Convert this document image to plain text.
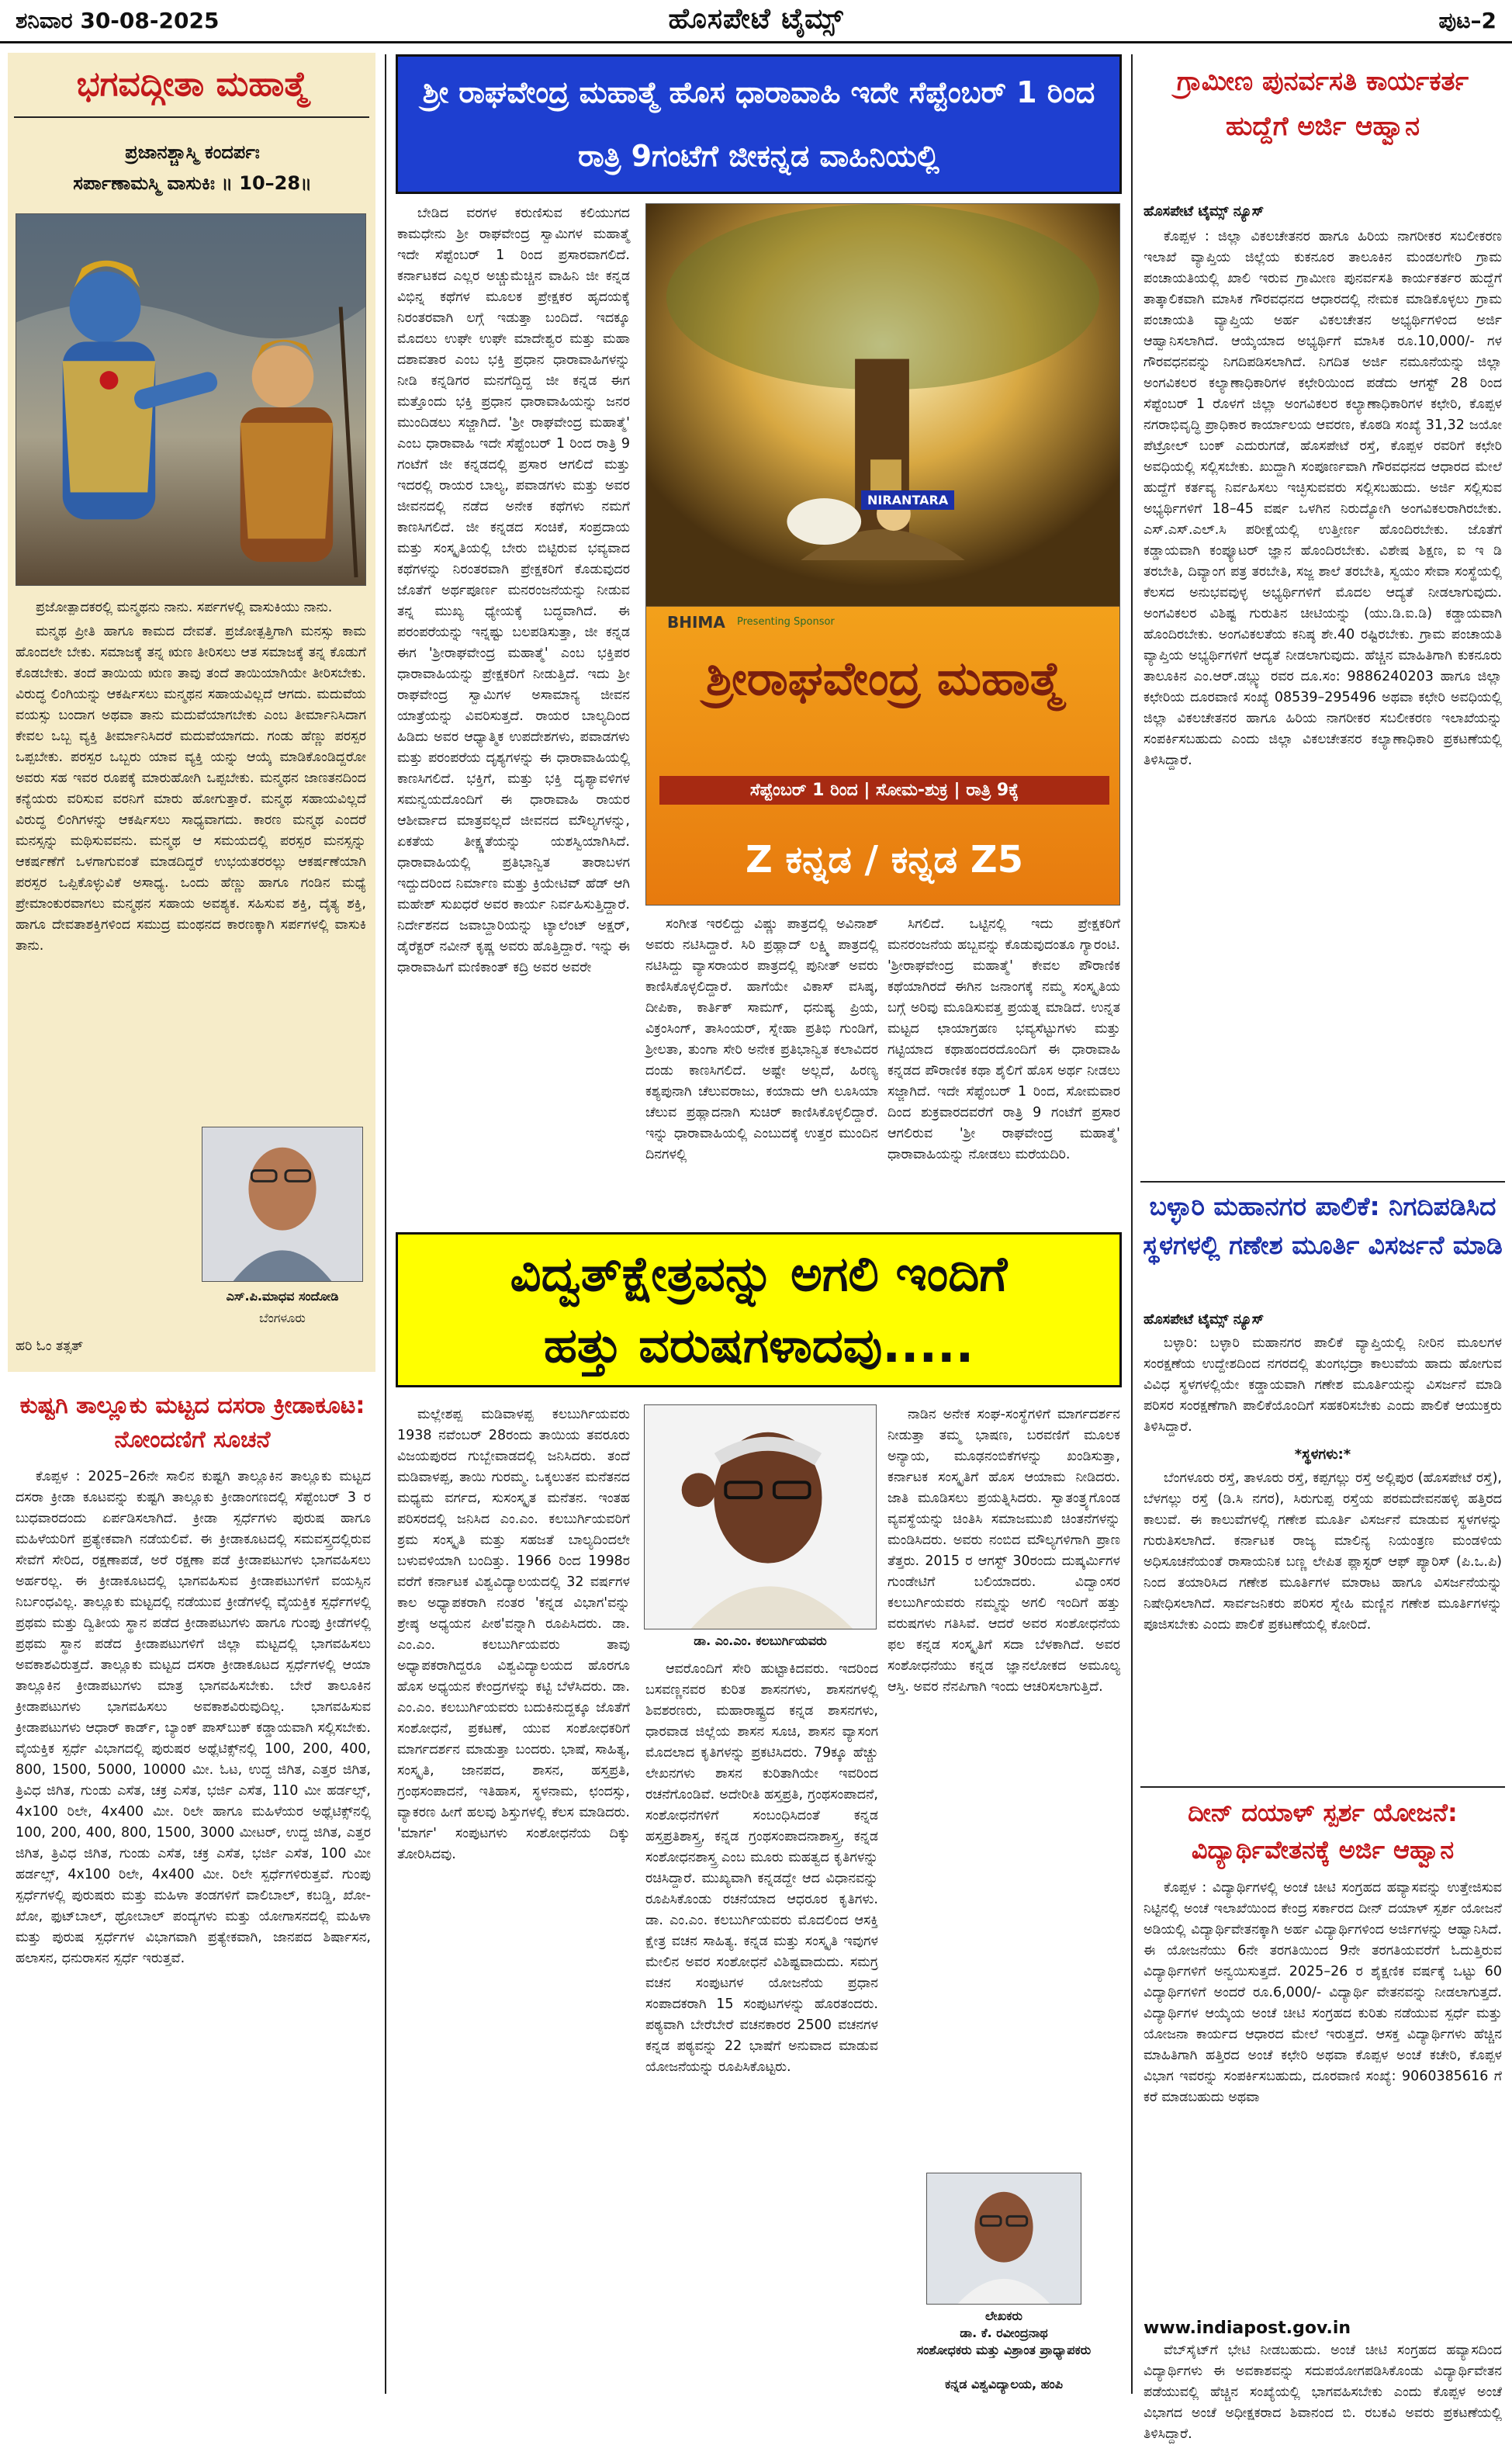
ಶನಿವಾರ 30-08-2025	ಹೊಸಪೇಟೆ ಟೈಮ್ಸ್	ಪುಟ–2
ಭಗವದ್ಗೀತಾ ಮಹಾತ್ಮೆ
ಪ್ರಜಾನಶ್ಚಾಸ್ಮಿ ಕಂದರ್ಪಃ
ಸರ್ಪಾಣಾಮಸ್ಮಿ ವಾಸುಕಿಃ ॥ 10–28॥

ಪ್ರಜೋತ್ಪಾದಕರಲ್ಲಿ ಮನ್ಮಥನು ನಾನು. ಸರ್ಪಗಳಲ್ಲಿ ವಾಸುಕಿಯು ನಾನು.

ಮನ್ಮಥ ಪ್ರೀತಿ ಹಾಗೂ ಕಾಮದ ದೇವತೆ. ಪ್ರಜೋತ್ಪತ್ತಿಗಾಗಿ ಮನಸ್ಸು ಕಾಮ ಹೊಂದಲೇ ಬೇಕು. ಸಮಾಜಕ್ಕೆ ತನ್ನ ಋಣ ತೀರಿಸಲು ಆತ ಸಮಾಜಕ್ಕೆ ತನ್ನ ಕೊಡುಗೆ ಕೊಡಬೇಕು. ತಂದೆ ತಾಯಿಯ ಋಣ ತಾವು ತಂದೆ ತಾಯಿಯಾಗಿಯೇ ತೀರಿಸಬೇಕು. ವಿರುದ್ಧ ಲಿಂಗಿಯನ್ನು ಆಕರ್ಷಿಸಲು ಮನ್ಮಥನ ಸಹಾಯವಿಲ್ಲದೆ ಆಗದು. ಮದುವೆಯ ವಯಸ್ಸು ಬಂದಾಗ ಅಥವಾ ತಾನು ಮದುವೆಯಾಗಬೇಕು ಎಂಬ ತೀರ್ಮಾನಿಸಿದಾಗ ಕೇವಲ ಒಬ್ಬ ವ್ಯಕ್ತಿ ತೀರ್ಮಾನಿಸಿದರೆ ಮದುವೆಯಾಗದು. ಗಂಡು ಹೆಣ್ಣು ಪರಸ್ಪರ ಒಪ್ಪಬೇಕು. ಪರಸ್ಪರ ಒಬ್ಬರು ಯಾವ ವ್ಯಕ್ತಿ ಯನ್ನು ಆಯ್ಕೆ ಮಾಡಿಕೊಂಡಿದ್ದರೋ ಅವರು ಸಹ ಇವರ ರೂಪಕ್ಕೆ ಮಾರುಹೋಗಿ ಒಪ್ಪಬೇಕು. ಮನ್ಮಥನ ಜಾಣತನದಿಂದ ಕನ್ಯೆಯರು ವರಿಸುವ ವರನಿಗೆ ಮಾರು ಹೋಗುತ್ತಾರೆ. ಮನ್ಮಥ ಸಹಾಯವಿಲ್ಲದೆ ವಿರುದ್ಧ ಲಿಂಗಿಗಳನ್ನು ಆಕರ್ಷಿಸಲು ಸಾಧ್ಯವಾಗದು. ಕಾರಣ ಮನ್ಮಥ ಎಂದರೆ ಮನಸ್ಸನ್ನು ಮಥಿಸುವವನು. ಮನ್ಮಥ ಆ ಸಮಯದಲ್ಲಿ ಪರಸ್ಪರ ಮನಸ್ಸನ್ನು ಆಕರ್ಷಣೆಗೆ ಒಳಗಾಗುವಂತೆ ಮಾಡದಿದ್ದರೆ ಉಭಯತರರಲ್ಲು ಆಕರ್ಷಣೆಯಾಗಿ ಪರಸ್ಪರ ಒಪ್ಪಿಕೊಳ್ಳುವಿಕೆ ಅಸಾಧ್ಯ. ಒಂದು ಹೆಣ್ಣು ಹಾಗೂ ಗಂಡಿನ ಮಧ್ಯೆ ಪ್ರೇಮಾಂಕುರವಾಗಲು ಮನ್ಮಥನ ಸಹಾಯ ಅವಶ್ಯಕ. ಸಹಿಸುವ ಶಕ್ತಿ, ದೈತ್ಯ ಶಕ್ತಿ, ಹಾಗೂ ದೇವತಾಶಕ್ತಿಗಳಿಂದ ಸಮುದ್ರ ಮಂಥನದ ಕಾರಣಕ್ಕಾಗಿ ಸರ್ಪಗಳಲ್ಲಿ ವಾಸುಕಿ ತಾನು.

ಎಸ್.ಪಿ.ಮಾಧವ ಸಂದೋಡಿ
ಬೆಂಗಳೂರು
ಹರಿ ಓಂ ತತ್ಸತ್
ಕುಷ್ಟಗಿ ತಾಲ್ಲೂಕು ಮಟ್ಟದ ದಸರಾ ಕ್ರೀಡಾಕೂಟ: ನೋಂದಣಿಗೆ ಸೂಚನೆ

ಕೊಪ್ಪಳ : 2025–26ನೇ ಸಾಲಿನ ಕುಷ್ಟಗಿ ತಾಲ್ಲೂಕಿನ ತಾಲ್ಲೂಕು ಮಟ್ಟದ ದಸರಾ ಕ್ರೀಡಾ ಕೂಟವನ್ನು ಕುಷ್ಟಗಿ ತಾಲ್ಲೂಕು ಕ್ರೀಡಾಂಗಣದಲ್ಲಿ ಸೆಪ್ಟೆಂಬರ್ 3 ರ ಬುಧವಾರದಂದು ಏರ್ಪಡಿಸಲಾಗಿದೆ. ಕ್ರೀಡಾ ಸ್ಪರ್ಧೆಗಳು ಪುರುಷ ಹಾಗೂ ಮಹಿಳೆಯರಿಗೆ ಪ್ರತ್ಯೇಕವಾಗಿ ನಡೆಯಲಿವೆ. ಈ ಕ್ರೀಡಾಕೂಟದಲ್ಲಿ ಸಮವಸ್ತ್ರದಲ್ಲಿರುವ ಸೇವೆಗೆ ಸೇರಿದ, ರಕ್ಷಣಾಪಡೆ, ಅರೆ ರಕ್ಷಣಾ ಪಡೆ ಕ್ರೀಡಾಪಟುಗಳು ಭಾಗವಹಿಸಲು ಅರ್ಹರಲ್ಲ. ಈ ಕ್ರೀಡಾಕೂಟದಲ್ಲಿ ಭಾಗವಹಿಸುವ ಕ್ರೀಡಾಪಟುಗಳಿಗೆ ವಯಸ್ಸಿನ ನಿರ್ಬಂಧವಿಲ್ಲ. ತಾಲ್ಲೂಕು ಮಟ್ಟದಲ್ಲಿ ನಡೆಯುವ ಕ್ರೀಡೆಗಳಲ್ಲಿ ವೈಯಕ್ತಿಕ ಸ್ಪರ್ಧೆಗಳಲ್ಲಿ ಪ್ರಥಮ ಮತ್ತು ದ್ವಿತೀಯ ಸ್ಥಾನ ಪಡೆದ ಕ್ರೀಡಾಪಟುಗಳು ಹಾಗೂ ಗುಂಪು ಕ್ರೀಡೆಗಳಲ್ಲಿ ಪ್ರಥಮ ಸ್ಥಾನ ಪಡೆದ ಕ್ರೀಡಾಪಟುಗಳಿಗೆ ಜಿಲ್ಲಾ ಮಟ್ಟದಲ್ಲಿ ಭಾಗವಹಿಸಲು ಅವಕಾಶವಿರುತ್ತದೆ. ತಾಲ್ಲೂಕು ಮಟ್ಟದ ದಸರಾ ಕ್ರೀಡಾಕೂಟದ ಸ್ಪರ್ಧೆಗಳಲ್ಲಿ ಆಯಾ ತಾಲ್ಲೂಕಿನ ಕ್ರೀಡಾಪಟುಗಳು ಮಾತ್ರ ಭಾಗವಹಿಸಬೇಕು. ಬೇರೆ ತಾಲೂಕಿನ ಕ್ರೀಡಾಪಟುಗಳು ಭಾಗವಹಿಸಲು ಅವಕಾಶವಿರುವುದಿಲ್ಲ. ಭಾಗವಹಿಸುವ ಕ್ರೀಡಾಪಟುಗಳು ಆಧಾರ್ ಕಾರ್ಡ್, ಬ್ಯಾಂಕ್ ಪಾಸ್‌ಬುಕ್ ಕಡ್ಡಾಯವಾಗಿ ಸಲ್ಲಿಸಬೇಕು. ವೈಯಕ್ತಿಕ ಸ್ಪರ್ಧೆ ವಿಭಾಗದಲ್ಲಿ ಪುರುಷರ ಅಥ್ಲೆಟಿಕ್ಸ್‌ನಲ್ಲಿ 100, 200, 400, 800, 1500, 5000, 10000 ಮೀ. ಓಟ, ಉದ್ದ ಜಿಗಿತ, ಎತ್ತರ ಜಿಗಿತ, ತ್ರಿವಿಧ ಜಿಗಿತ, ಗುಂಡು ಎಸೆತ, ಚಕ್ರ ಎಸೆತ, ಭರ್ಜಿ ಎಸೆತ, 110 ಮೀ ಹರ್ಡಲ್ಸ್, 4x100 ರಿಲೇ, 4x400 ಮೀ. ರಿಲೇ ಹಾಗೂ ಮಹಿಳೆಯರ ಅಥ್ಲೆಟಿಕ್ಸ್‌ನಲ್ಲಿ 100, 200, 400, 800, 1500, 3000 ಮೀಟರ್, ಉದ್ದ ಜಿಗಿತ, ಎತ್ತರ ಜಿಗಿತ, ತ್ರಿವಿಧ ಜಿಗಿತ, ಗುಂಡು ಎಸೆತ, ಚಕ್ರ ಎಸೆತ, ಭರ್ಜಿ ಎಸೆತ, 100 ಮೀ ಹರ್ಡಲ್ಸ್, 4x100 ರಿಲೇ, 4x400 ಮೀ. ರಿಲೇ ಸ್ಪರ್ಧೆಗಳಿರುತ್ತವೆ. ಗುಂಪು ಸ್ಪರ್ಧೆಗಳಲ್ಲಿ ಪುರುಷರು ಮತ್ತು ಮಹಿಳಾ ತಂಡಗಳಿಗೆ ವಾಲಿಬಾಲ್, ಕಬಡ್ಡಿ, ಖೋ-ಖೋ, ಫುಟ್‌ಬಾಲ್, ಥ್ರೋಬಾಲ್ ಪಂದ್ಯಗಳು ಮತ್ತು ಯೋಗಾಸನದಲ್ಲಿ ಮಹಿಳಾ ಮತ್ತು ಪುರುಷ ಸ್ಪರ್ಧೆಗಳ ವಿಭಾಗವಾಗಿ ಪ್ರತ್ಯೇಕವಾಗಿ, ಜಾನಪದ ಶಿರ್ಷಾಸನ, ಹಲಾಸನ, ಧನುರಾಸನ ಸ್ಪರ್ಧೆ ಇರುತ್ತವೆ.

ಶ್ರೀ ರಾಘವೇಂದ್ರ ಮಹಾತ್ಮೆ ಹೊಸ ಧಾರಾವಾಹಿ ಇದೇ ಸೆಪ್ಟೆಂಬರ್ 1 ರಿಂದ ರಾತ್ರಿ 9ಗಂಟೆಗೆ ಜೀಕನ್ನಡ ವಾಹಿನಿಯಲ್ಲಿ

ಬೇಡಿದ ವರಗಳ ಕರುಣಿಸುವ ಕಲಿಯುಗದ ಕಾಮಧೇನು ಶ್ರೀ ರಾಘವೇಂದ್ರ ಸ್ವಾಮಿಗಳ ಮಹಾತ್ಮೆ ಇದೇ ಸೆಪ್ಟೆಂಬರ್ 1 ರಿಂದ ಪ್ರಸಾರವಾಗಲಿದೆ. ಕರ್ನಾಟಕದ ಎಲ್ಲರ ಅಚ್ಚುಮೆಚ್ಚಿನ ವಾಹಿನಿ ಜೀ ಕನ್ನಡ ವಿಭಿನ್ನ ಕಥೆಗಳ ಮೂಲಕ ಪ್ರೇಕ್ಷಕರ ಹೃದಯಕ್ಕೆ ನಿರಂತರವಾಗಿ ಲಗ್ಗೆ ಇಡುತ್ತಾ ಬಂದಿದೆ. ಇದಕ್ಕೂ ಮೊದಲು ಉಘೇ ಉಘೇ ಮಾದೇಶ್ವರ ಮತ್ತು ಮಹಾ ದಶಾವತಾರ ಎಂಬ ಭಕ್ತಿ ಪ್ರಧಾನ ಧಾರಾವಾಹಿಗಳನ್ನು ನೀಡಿ ಕನ್ನಡಿಗರ ಮನಗೆದ್ದಿದ್ದ ಜೀ ಕನ್ನಡ ಈಗ ಮತ್ತೊಂದು ಭಕ್ತಿ ಪ್ರಧಾನ ಧಾರಾವಾಹಿಯನ್ನು ಜನರ ಮುಂದಿಡಲು ಸಜ್ಜಾಗಿದೆ. 'ಶ್ರೀ ರಾಘವೇಂದ್ರ ಮಹಾತ್ಮೆ' ಎಂಬ ಧಾರಾವಾಹಿ ಇದೇ ಸೆಪ್ಟೆಂಬರ್ 1 ರಿಂದ ರಾತ್ರಿ 9 ಗಂಟೆಗೆ ಜೀ ಕನ್ನಡದಲ್ಲಿ ಪ್ರಸಾರ ಆಗಲಿದೆ ಮತ್ತು ಇದರಲ್ಲಿ ರಾಯರ ಬಾಲ್ಯ, ಪವಾಡಗಳು ಮತ್ತು ಅವರ ಜೀವನದಲ್ಲಿ ನಡೆದ ಅನೇಕ ಕಥೆಗಳು ನಮಗೆ ಕಾಣಸಿಗಲಿದೆ. ಜೀ ಕನ್ನಡದ ಸಂಚಿಕೆ, ಸಂಪ್ರದಾಯ ಮತ್ತು ಸಂಸ್ಕೃತಿಯಲ್ಲಿ ಬೇರು ಬಿಟ್ಟಿರುವ ಭವ್ಯವಾದ ಕಥೆಗಳನ್ನು ನಿರಂತರವಾಗಿ ಪ್ರೇಕ್ಷಕರಿಗೆ ಕೊಡುವುದರ ಜೊತೆಗೆ ಅರ್ಥಪೂರ್ಣ ಮನರಂಜನೆಯನ್ನು ನೀಡುವ ತನ್ನ ಮುಖ್ಯ ಧ್ಯೇಯಕ್ಕೆ ಬದ್ಧವಾಗಿದೆ. ಈ ಪರಂಪರೆಯನ್ನು ಇನ್ನಷ್ಟು ಬಲಪಡಿಸುತ್ತಾ, ಜೀ ಕನ್ನಡ ಈಗ 'ಶ್ರೀರಾಘವೇಂದ್ರ ಮಹಾತ್ಮೆ' ಎಂಬ ಭಕ್ತಿಪರ ಧಾರಾವಾಹಿಯನ್ನು ಪ್ರೇಕ್ಷಕರಿಗೆ ನೀಡುತ್ತಿದೆ. ಇದು ಶ್ರೀ ರಾಘವೇಂದ್ರ ಸ್ವಾಮಿಗಳ ಅಸಾಮಾನ್ಯ ಜೀವನ ಯಾತ್ರೆಯನ್ನು ವಿವರಿಸುತ್ತದೆ. ರಾಯರ ಬಾಲ್ಯದಿಂದ ಹಿಡಿದು ಅವರ ಆಧ್ಯಾತ್ಮಿಕ ಉಪದೇಶಗಳು, ಪವಾಡಗಳು ಮತ್ತು ಪರಂಪರೆಯ ದೃಶ್ಯಗಳನ್ನು ಈ ಧಾರಾವಾಹಿಯಲ್ಲಿ ಕಾಣಸಿಗಲಿದೆ. ಭಕ್ತಿಗೆ, ಮತ್ತು ಭಕ್ತಿ ದೃಶ್ಯಾವಳಿಗಳ ಸಮನ್ವಯದೊಂದಿಗೆ ಈ ಧಾರಾವಾಹಿ ರಾಯರ ಆಶೀರ್ವಾದ ಮಾತ್ರವಲ್ಲದೆ ಜೀವನದ ಮೌಲ್ಯಗಳನ್ನು, ಏಕತೆಯ ತೀಕ್ಷ್ಣತೆಯನ್ನು ಯಶಸ್ವಿಯಾಗಿಸಿದೆ. ಧಾರಾವಾಹಿಯಲ್ಲಿ ಪ್ರತಿಭಾನ್ವಿತ ತಾರಾಬಳಗ ಇದ್ದುದರಿಂದ ನಿರ್ಮಾಣ ಮತ್ತು ಕ್ರಿಯೇಟಿವ್ ಹೆಡ್ ಆಗಿ ಮಹೇಶ್ ಸುಖಧರೆ ಅವರ ಕಾರ್ಯ ನಿರ್ವಹಿಸುತ್ತಿದ್ದಾರೆ. ನಿರ್ದೇಶನದ ಜವಾಬ್ದಾರಿಯನ್ನು ಟ್ಯಾಲೆಂಟ್ ಅಕ್ಷರ್, ಡೈರೆಕ್ಟರ್ ನವೀನ್ ಕೃಷ್ಣ ಅವರು ಹೊತ್ತಿದ್ದಾರೆ. ಇನ್ನು ಈ ಧಾರಾವಾಹಿಗೆ ಮಣಿಕಾಂತ್ ಕದ್ರಿ ಅವರ ಅವರೇ

BHIMA Presenting Sponsor
NIRANTARA
ಶ್ರೀರಾಘವೇಂದ್ರ ಮಹಾತ್ಮೆ
ಸೆಪ್ಟೆಂಬರ್ 1 ರಿಂದ | ಸೋಮ-ಶುಕ್ರ | ರಾತ್ರಿ 9ಕ್ಕೆ
Z ಕನ್ನಡ / ಕನ್ನಡ Z5

ಸಂಗೀತ ಇರಲಿದ್ದು ವಿಷ್ಣು ಪಾತ್ರದಲ್ಲಿ ಅವಿನಾಶ್ ಅವರು ನಟಿಸಿದ್ದಾರೆ. ಸಿರಿ ಪ್ರಹ್ಲಾದ್ ಲಕ್ಷ್ಮಿ ಪಾತ್ರದಲ್ಲಿ ನಟಿಸಿದ್ದು ವ್ಯಾಸರಾಯರ ಪಾತ್ರದಲ್ಲಿ ಪುನೀತ್ ಅವರು ಕಾಣಿಸಿಕೊಳ್ಳಲಿದ್ದಾರೆ. ಹಾಗೆಯೇ ವಿಕಾಸ್ ವಸಿಷ್ಠ, ದೀಪಿಕಾ, ಕಾರ್ತಿಕ್ ಸಾಮಗ್, ಧನುಷ್ಯ ಪ್ರಿಯ, ವಿಕ್ರಂಸಿಂಗ್, ತಾಸಿಂಯರ್, ಸ್ನೇಹಾ ಪ್ರತಿಭಿ ಗುಂಡಿಗೆ, ಶ್ರೀಲತಾ, ತುಂಗಾ ಸೇರಿ ಅನೇಕ ಪ್ರತಿಭಾನ್ವಿತ ಕಲಾವಿದರ ದಂಡು ಕಾಣಸಿಗಲಿದೆ. ಅಷ್ಟೇ ಅಲ್ಲದೆ, ಹಿರಣ್ಯ ಕಶ್ಯಪುನಾಗಿ ಚೆಲುವರಾಜು, ಕಯಾದು ಆಗಿ ಲೂಸಿಯಾ ಚೆಲುವ ಪ್ರಹ್ಲಾದನಾಗಿ ಸುಚಿರ್ ಕಾಣಿಸಿಕೊಳ್ಳಲಿದ್ದಾರೆ. ಇನ್ನು ಧಾರಾವಾಹಿಯಲ್ಲಿ ಎಂಬುದಕ್ಕೆ ಉತ್ತರ ಮುಂದಿನ ದಿನಗಳಲ್ಲಿ

ಸಿಗಲಿದೆ. ಒಟ್ಟಿನಲ್ಲಿ ಇದು ಪ್ರೇಕ್ಷಕರಿಗೆ ಮನರಂಜನೆಯ ಹಬ್ಬವನ್ನು ಕೊಡುವುದಂತೂ ಗ್ಯಾರಂಟಿ. 'ಶ್ರೀರಾಘವೇಂದ್ರ ಮಹಾತ್ಮೆ' ಕೇವಲ ಪೌರಾಣಿಕ ಕಥೆಯಾಗಿರದೆ ಈಗಿನ ಜನಾಂಗಕ್ಕೆ ನಮ್ಮ ಸಂಸ್ಕೃತಿಯ ಬಗ್ಗೆ ಅರಿವು ಮೂಡಿಸುವತ್ತ ಪ್ರಯತ್ನ ಮಾಡಿದೆ. ಉನ್ನತ ಮಟ್ಟದ ಛಾಯಾಗ್ರಹಣ ಭವ್ಯಸೆಟ್ಟುಗಳು ಮತ್ತು ಗಟ್ಟಿಯಾದ ಕಥಾಹಂದರದೊಂದಿಗೆ ಈ ಧಾರಾವಾಹಿ ಕನ್ನಡದ ಪೌರಾಣಿಕ ಕಥಾ ಶೈಲಿಗೆ ಹೊಸ ಅರ್ಥ ನೀಡಲು ಸಜ್ಜಾಗಿದೆ. ಇದೇ ಸೆಪ್ಟೆಂಬರ್ 1 ರಿಂದ, ಸೋಮವಾರ ದಿಂದ ಶುಕ್ರವಾರದವರೆಗೆ ರಾತ್ರಿ 9 ಗಂಟೆಗೆ ಪ್ರಸಾರ ಆಗಲಿರುವ 'ಶ್ರೀ ರಾಘವೇಂದ್ರ ಮಹಾತ್ಮೆ' ಧಾರಾವಾಹಿಯನ್ನು ನೋಡಲು ಮರೆಯದಿರಿ.

ವಿದ್ವತ್‌ಕ್ಷೇತ್ರವನ್ನು ಅಗಲಿ ಇಂದಿಗೆ
ಹತ್ತು ವರುಷಗಳಾದವು.....

ಮಲ್ಲೇಶಪ್ಪ ಮಡಿವಾಳಪ್ಪ ಕಲಬುರ್ಗಿಯವರು 1938 ನವೆಂಬರ್ 28ರಂದು ತಾಯಿಯ ತವರೂರು ವಿಜಯಪುರದ ಗುಬ್ಬೇವಾಡದಲ್ಲಿ ಜನಿಸಿದರು. ತಂದೆ ಮಡಿವಾಳಪ್ಪ, ತಾಯಿ ಗುರಮ್ಮ. ಒಕ್ಕಲುತನ ಮನೆತನದ ಮಧ್ಯಮ ವರ್ಗದ, ಸುಸಂಸ್ಕೃತ ಮನೆತನ. ಇಂತಹ ಪರಿಸರದಲ್ಲಿ ಜನಿಸಿದ ಎಂ.ಎಂ. ಕಲಬುರ್ಗಿಯವರಿಗೆ ಶ್ರಮ ಸಂಸ್ಕೃತಿ ಮತ್ತು ಸಹಜತೆ ಬಾಲ್ಯದಿಂದಲೇ ಬಳುವಳಿಯಾಗಿ ಬಂದಿತ್ತು. 1966 ರಿಂದ 1998ರ ವರೆಗೆ ಕರ್ನಾಟಕ ವಿಶ್ವವಿದ್ಯಾಲಯದಲ್ಲಿ 32 ವರ್ಷಗಳ ಕಾಲ ಅಧ್ಯಾಪಕರಾಗಿ ನಂತರ 'ಕನ್ನಡ ವಿಭಾಗ'ವನ್ನು ಶ್ರೇಷ್ಠ ಅಧ್ಯಯನ ಪೀಠ'ವನ್ನಾಗಿ ರೂಪಿಸಿದರು. ಡಾ. ಎಂ.ಎಂ. ಕಲಬುರ್ಗಿಯವರು ತಾವು ಅಧ್ಯಾಪಕರಾಗಿದ್ದರೂ ವಿಶ್ವವಿದ್ಯಾಲಯದ ಹೊರಗೂ ಹೊಸ ಅಧ್ಯಯನ ಕೇಂದ್ರಗಳನ್ನು ಕಟ್ಟಿ ಬೆಳೆಸಿದರು. ಡಾ. ಎಂ.ಎಂ. ಕಲಬುರ್ಗಿಯವರು ಬದುಕಿನುದ್ದಕ್ಕೂ ಜೊತೆಗೆ ಸಂಶೋಧನೆ, ಪ್ರಕಟಣೆ, ಯುವ ಸಂಶೋಧಕರಿಗೆ ಮಾರ್ಗದರ್ಶನ ಮಾಡುತ್ತಾ ಬಂದರು. ಭಾಷೆ, ಸಾಹಿತ್ಯ, ಸಂಸ್ಕೃತಿ, ಜಾನಪದ, ಶಾಸನ, ಹಸ್ತಪ್ರತಿ, ಗ್ರಂಥಸಂಪಾದನೆ, ಇತಿಹಾಸ, ಸ್ಥಳನಾಮ, ಛಂದಸ್ಸು, ವ್ಯಾಕರಣ ಹೀಗೆ ಹಲವು ಶಿಸ್ತುಗಳಲ್ಲಿ ಕೆಲಸ ಮಾಡಿದರು. 'ಮಾರ್ಗ' ಸಂಪುಟಗಳು ಸಂಶೋಧನೆಯ ದಿಕ್ಕು ತೋರಿಸಿದವು.

ಡಾ. ಎಂ.ಎಂ. ಕಲಬುರ್ಗಿಯವರು

ಆವರೊಂದಿಗೆ ಸೇರಿ ಹುಟ್ಟಾಕಿದವರು. ಇದರಿಂದ ಬಸವಣ್ಣನವರ ಕುರಿತ ಶಾಸನಗಳು, ಶಾಸನಗಳಲ್ಲಿ ಶಿವಶರಣರು, ಮಹಾರಾಷ್ಟ್ರದ ಕನ್ನಡ ಶಾಸನಗಳು, ಧಾರವಾಡ ಜಿಲ್ಲೆಯ ಶಾಸನ ಸೂಚಿ, ಶಾಸನ ವ್ಯಾಸಂಗ ಮೊದಲಾದ ಕೃತಿಗಳನ್ನು ಪ್ರಕಟಿಸಿದರು. 79ಕ್ಕೂ ಹೆಚ್ಚು ಲೇಖನಗಳು ಶಾಸನ ಕುರಿತಾಗಿಯೇ ಇವರಿಂದ ರಚನೆಗೊಂಡಿವೆ. ಅದೇರೀತಿ ಹಸ್ತಪ್ರತಿ, ಗ್ರಂಥಸಂಪಾದನೆ, ಸಂಶೋಧನೆಗಳಿಗೆ ಸಂಬಂಧಿಸಿದಂತೆ ಕನ್ನಡ ಹಸ್ತಪ್ರತಿಶಾಸ್ತ್ರ, ಕನ್ನಡ ಗ್ರಂಥಸಂಪಾದನಾಶಾಸ್ತ್ರ, ಕನ್ನಡ ಸಂಶೋಧನಶಾಸ್ತ್ರ ಎಂಬ ಮೂರು ಮಹತ್ವದ ಕೃತಿಗಳನ್ನು ರಚಿಸಿದ್ದಾರೆ. ಮುಖ್ಯವಾಗಿ ಕನ್ನಡದ್ದೇ ಆದ ವಿಧಾನವನ್ನು ರೂಪಿಸಿಕೊಂಡು ರಚನೆಯಾದ ಆಧರೂರ ಕೃತಿಗಳು. ಡಾ. ಎಂ.ಎಂ. ಕಲಬುರ್ಗಿಯವರು ಮೊದಲಿಂದ ಆಸಕ್ತಿ ಕ್ಷೇತ್ರ ವಚನ ಸಾಹಿತ್ಯ. ಕನ್ನಡ ಮತ್ತು ಸಂಸ್ಕೃತಿ ಇವುಗಳ ಮೇಲಿನ ಅವರ ಸಂಶೋಧನೆ ವಿಶಿಷ್ಟವಾದುದು. ಸಮಗ್ರ ವಚನ ಸಂಪುಟಗಳ ಯೋಜನೆಯ ಪ್ರಧಾನ ಸಂಪಾದಕರಾಗಿ 15 ಸಂಪುಟಗಳನ್ನು ಹೊರತಂದರು. ಪಠ್ಯವಾಗಿ ಬೇರೆಬೇರೆ ವಚನಕಾರರ 2500 ವಚನಗಳ ಕನ್ನಡ ಪಠ್ಯವನ್ನು 22 ಭಾಷೆಗೆ ಅನುವಾದ ಮಾಡುವ ಯೋಜನೆಯನ್ನು ರೂಪಿಸಿಕೊಟ್ಟರು.

ನಾಡಿನ ಅನೇಕ ಸಂಘ-ಸಂಸ್ಥೆಗಳಿಗೆ ಮಾರ್ಗದರ್ಶನ ನೀಡುತ್ತಾ ತಮ್ಮ ಭಾಷಣ, ಬರವಣಿಗೆ ಮೂಲಕ ಅನ್ಯಾಯ, ಮೂಢನಂಬಿಕೆಗಳನ್ನು ಖಂಡಿಸುತ್ತಾ, ಕರ್ನಾಟಕ ಸಂಸ್ಕೃತಿಗೆ ಹೊಸ ಆಯಾಮ ನೀಡಿದರು. ಜಾತಿ ಮೂಡಿಸಲು ಪ್ರಯತ್ನಿಸಿದರು. ಸ್ವಾತಂತ್ರ್ಯಗೊಂಡ ವ್ಯವಸ್ಥೆಯನ್ನು ಚಿಂತಿಸಿ ಸಮಾಜಮುಖಿ ಚಿಂತನೆಗಳನ್ನು ಮಂಡಿಸಿದರು. ಅವರು ನಂಬಿದ ಮೌಲ್ಯಗಳಿಗಾಗಿ ಪ್ರಾಣ ತೆತ್ತರು. 2015 ರ ಆಗಸ್ಟ್ 30ರಂದು ದುಷ್ಕರ್ಮಿಗಳ ಗುಂಡೇಟಿಗೆ ಬಲಿಯಾದರು. ವಿದ್ವಾಂಸರ ಕಲಬುರ್ಗಿಯವರು ನಮ್ಮನ್ನು ಅಗಲಿ ಇಂದಿಗೆ ಹತ್ತು ವರುಷಗಳು ಗತಿಸಿವೆ. ಆದರೆ ಅವರ ಸಂಶೋಧನೆಯ ಫಲ ಕನ್ನಡ ಸಂಸ್ಕೃತಿಗೆ ಸದಾ ಬೆಳಕಾಗಿದೆ. ಅವರ ಸಂಶೋಧನೆಯು ಕನ್ನಡ ಜ್ಞಾನಲೋಕದ ಅಮೂಲ್ಯ ಆಸ್ತಿ. ಅವರ ನೆನಪಿಗಾಗಿ ಇಂದು ಆಚರಿಸಲಾಗುತ್ತಿದೆ.

ಲೇಖಕರು
ಡಾ. ಕೆ. ರವೀಂದ್ರನಾಥ
ಸಂಶೋಧಕರು ಮತ್ತು ವಿಶ್ರಾಂತ ಪ್ರಾಧ್ಯಾಪಕರು
ಕನ್ನಡ ವಿಶ್ವವಿದ್ಯಾಲಯ, ಹಂಪಿ
ಗ್ರಾಮೀಣ ಪುನರ್ವಸತಿ ಕಾರ್ಯಕರ್ತ ಹುದ್ದೆಗೆ ಅರ್ಜಿ ಆಹ್ವಾನ
ಹೊಸಪೇಟೆ ಟೈಮ್ಸ್ ನ್ಯೂಸ್

ಕೊಪ್ಪಳ : ಜಿಲ್ಲಾ ವಿಕಲಚೇತನರ ಹಾಗೂ ಹಿರಿಯ ನಾಗರೀಕರ ಸಬಲೀಕರಣ ಇಲಾಖೆ ವ್ಯಾಪ್ತಿಯ ಜಿಲ್ಲೆಯ ಕುಕನೂರ ತಾಲೂಕಿನ ಮಂಡಲಗೇರಿ ಗ್ರಾಮ ಪಂಚಾಯತಿಯಲ್ಲಿ ಖಾಲಿ ಇರುವ ಗ್ರಾಮೀಣ ಪುನರ್ವಸತಿ ಕಾರ್ಯಕರ್ತರ ಹುದ್ದೆಗೆ ತಾತ್ಕಾಲಿಕವಾಗಿ ಮಾಸಿಕ ಗೌರವಧನದ ಆಧಾರದಲ್ಲಿ ನೇಮಕ ಮಾಡಿಕೊಳ್ಳಲು ಗ್ರಾಮ ಪಂಚಾಯತಿ ವ್ಯಾಪ್ತಿಯ ಅರ್ಹ ವಿಕಲಚೇತನ ಅಭ್ಯರ್ಥಿಗಳಿಂದ ಅರ್ಜಿ ಆಹ್ವಾನಿಸಲಾಗಿದೆ. ಆಯ್ಕೆಯಾದ ಅಭ್ಯರ್ಥಿಗೆ ಮಾಸಿಕ ರೂ.10,000/- ಗಳ ಗೌರವಧನವನ್ನು ನಿಗದಿಪಡಿಸಲಾಗಿದೆ. ನಿಗದಿತ ಅರ್ಜಿ ನಮೂನೆಯನ್ನು ಜಿಲ್ಲಾ ಅಂಗವಿಕಲರ ಕಲ್ಯಾಣಾಧಿಕಾರಿಗಳ ಕಛೇರಿಯಿಂದ ಪಡೆದು ಆಗಸ್ಟ್ 28 ರಿಂದ ಸೆಪ್ಟೆಂಬರ್ 1 ರೊಳಗೆ ಜಿಲ್ಲಾ ಅಂಗವಿಕಲರ ಕಲ್ಯಾಣಾಧಿಕಾರಿಗಳ ಕಛೇರಿ, ಕೊಪ್ಪಳ ನಗರಾಭಿವೃದ್ಧಿ ಪ್ರಾಧಿಕಾರ ಕಾರ್ಯಾಲಯ ಆವರಣ, ಕೊಠಡಿ ಸಂಖ್ಯೆ 31,32 ಜಯೋ ಪೆಟ್ರೋಲ್ ಬಂಕ್ ಎದುರುಗಡೆ, ಹೊಸಪೇಟೆ ರಸ್ತೆ, ಕೊಪ್ಪಳ ರವರಿಗೆ ಕಛೇರಿ ಅವಧಿಯಲ್ಲಿ ಸಲ್ಲಿಸಬೇಕು. ಖುದ್ದಾಗಿ ಸಂಪೂರ್ಣವಾಗಿ ಗೌರವಧನದ ಆಧಾರದ ಮೇಲೆ ಹುದ್ದೆಗೆ ಕರ್ತವ್ಯ ನಿರ್ವಹಿಸಲು ಇಚ್ಛಿಸುವವರು ಸಲ್ಲಿಸಬಹುದು. ಅರ್ಜಿ ಸಲ್ಲಿಸುವ ಅಭ್ಯರ್ಥಿಗಳಿಗೆ 18–45 ವರ್ಷ ಒಳಗಿನ ನಿರುದ್ಯೋಗಿ ಅಂಗವಿಕಲರಾಗಿರಬೇಕು. ಎಸ್.ಎಸ್.ಎಲ್.ಸಿ ಪರೀಕ್ಷೆಯಲ್ಲಿ ಉತ್ತೀರ್ಣ ಹೊಂದಿರಬೇಕು. ಜೊತೆಗೆ ಕಡ್ಡಾಯವಾಗಿ ಕಂಪ್ಯೂಟರ್ ಜ್ಞಾನ ಹೊಂದಿರಬೇಕು. ವಿಶೇಷ ಶಿಕ್ಷಣ, ಐ ಇ ಡಿ ತರಬೇತಿ, ದಿವ್ಯಾಂಗ ಪತ್ರ ತರಬೇತಿ, ಸಜ್ಜ ಶಾಲೆ ತರಬೇತಿ, ಸ್ವಯಂ ಸೇವಾ ಸಂಸ್ಥೆಯಲ್ಲಿ ಕೆಲಸದ ಅನುಭವವುಳ್ಳ ಅಭ್ಯರ್ಥಿಗಳಿಗೆ ಮೊದಲ ಆದ್ಯತೆ ನೀಡಲಾಗುವುದು. ಅಂಗವಿಕಲರ ವಿಶಿಷ್ಟ ಗುರುತಿನ ಚೀಟಿಯನ್ನು (ಯು.ಡಿ.ಐ.ಡಿ) ಕಡ್ಡಾಯವಾಗಿ ಹೊಂದಿರಬೇಕು. ಅಂಗವಿಕಲತೆಯ ಕನಿಷ್ಠ ಶೇ.40 ರಷ್ಟಿರಬೇಕು. ಗ್ರಾಮ ಪಂಚಾಯತಿ ವ್ಯಾಪ್ತಿಯ ಅಭ್ಯರ್ಥಿಗಳಿಗೆ ಆದ್ಯತೆ ನೀಡಲಾಗುವುದು. ಹೆಚ್ಚಿನ ಮಾಹಿತಿಗಾಗಿ ಕುಕನೂರು ತಾಲೂಕಿನ ಎಂ.ಆರ್.ಡಬ್ಲ್ಯು ರವರ ದೂ.ಸಂ: 9886240203 ಹಾಗೂ ಜಿಲ್ಲಾ ಕಛೇರಿಯ ದೂರವಾಣಿ ಸಂಖ್ಯೆ 08539–295496 ಅಥವಾ ಕಛೇರಿ ಅವಧಿಯಲ್ಲಿ ಜಿಲ್ಲಾ ವಿಕಲಚೇತನರ ಹಾಗೂ ಹಿರಿಯ ನಾಗರೀಕರ ಸಬಲೀಕರಣ ಇಲಾಖೆಯನ್ನು ಸಂಪರ್ಕಿಸಬಹುದು ಎಂದು ಜಿಲ್ಲಾ ವಿಕಲಚೇತನರ ಕಲ್ಯಾಣಾಧಿಕಾರಿ ಪ್ರಕಟಣೆಯಲ್ಲಿ ತಿಳಿಸಿದ್ದಾರೆ.

ಬಳ್ಳಾರಿ ಮಹಾನಗರ ಪಾಲಿಕೆ: ನಿಗದಿಪಡಿಸಿದ ಸ್ಥಳಗಳಲ್ಲಿ ಗಣೇಶ ಮೂರ್ತಿ ವಿಸರ್ಜನೆ ಮಾಡಿ
ಹೊಸಪೇಟೆ ಟೈಮ್ಸ್ ನ್ಯೂಸ್

ಬಳ್ಳಾರಿ: ಬಳ್ಳಾರಿ ಮಹಾನಗರ ಪಾಲಿಕೆ ವ್ಯಾಪ್ತಿಯಲ್ಲಿ ನೀರಿನ ಮೂಲಗಳ ಸಂರಕ್ಷಣೆಯ ಉದ್ದೇಶದಿಂದ ನಗರದಲ್ಲಿ ತುಂಗಭದ್ರಾ ಕಾಲುವೆಯ ಹಾದು ಹೋಗುವ ವಿವಿಧ ಸ್ಥಳಗಳಲ್ಲಿಯೇ ಕಡ್ಡಾಯವಾಗಿ ಗಣೇಶ ಮೂರ್ತಿಯನ್ನು ವಿಸರ್ಜನೆ ಮಾಡಿ ಪರಿಸರ ಸಂರಕ್ಷಣೆಗಾಗಿ ಪಾಲಿಕೆಯೊಂದಿಗೆ ಸಹಕರಿಸಬೇಕು ಎಂದು ಪಾಲಿಕೆ ಆಯುಕ್ತರು ತಿಳಿಸಿದ್ದಾರೆ.

*ಸ್ಥಳಗಳು:*

ಬೆಂಗಳೂರು ರಸ್ತೆ, ತಾಳೂರು ರಸ್ತೆ, ಕಪ್ಪಗಲ್ಲು ರಸ್ತೆ ಅಲ್ಲಿಪುರ (ಹೊಸಪೇಟೆ ರಸ್ತೆ), ಬೆಳಗಲ್ಲು ರಸ್ತೆ (ಡಿ.ಸಿ ನಗರ), ಸಿರುಗುಪ್ಪ ರಸ್ತೆಯ ಪರಮದೇವನಹಳ್ಳಿ ಹತ್ತಿರದ ಕಾಲುವೆ. ಈ ಕಾಲುವೆಗಳಲ್ಲಿ ಗಣೇಶ ಮೂರ್ತಿ ವಿಸರ್ಜನೆ ಮಾಡುವ ಸ್ಥಳಗಳನ್ನು ಗುರುತಿಸಲಾಗಿದೆ. ಕರ್ನಾಟಕ ರಾಜ್ಯ ಮಾಲಿನ್ಯ ನಿಯಂತ್ರಣ ಮಂಡಳಿಯ ಅಧಿಸೂಚನೆಯಂತೆ ರಾಸಾಯನಿಕ ಬಣ್ಣ ಲೇಪಿತ ಪ್ಲಾಸ್ಟರ್ ಆಫ್ ಪ್ಯಾರಿಸ್ (ಪಿ.ಒ.ಪಿ) ನಿಂದ ತಯಾರಿಸಿದ ಗಣೇಶ ಮೂರ್ತಿಗಳ ಮಾರಾಟ ಹಾಗೂ ವಿಸರ್ಜನೆಯನ್ನು ನಿಷೇಧಿಸಲಾಗಿದೆ. ಸಾರ್ವಜನಿಕರು ಪರಿಸರ ಸ್ನೇಹಿ ಮಣ್ಣಿನ ಗಣೇಶ ಮೂರ್ತಿಗಳನ್ನು ಪೂಜಿಸಬೇಕು ಎಂದು ಪಾಲಿಕೆ ಪ್ರಕಟಣೆಯಲ್ಲಿ ಕೋರಿದೆ.

ದೀನ್ ದಯಾಳ್ ಸ್ಪರ್ಶ ಯೋಜನೆ: ವಿದ್ಯಾರ್ಥಿವೇತನಕ್ಕೆ ಅರ್ಜಿ ಆಹ್ವಾನ

ಕೊಪ್ಪಳ : ವಿದ್ಯಾರ್ಥಿಗಳಲ್ಲಿ ಅಂಚೆ ಚೀಟಿ ಸಂಗ್ರಹದ ಹವ್ಯಾಸವನ್ನು ಉತ್ತೇಜಿಸುವ ನಿಟ್ಟಿನಲ್ಲಿ ಅಂಚೆ ಇಲಾಖೆಯಿಂದ ಕೇಂದ್ರ ಸರ್ಕಾರದ ದೀನ್ ದಯಾಳ್ ಸ್ಪರ್ಶ ಯೋಜನೆ ಅಡಿಯಲ್ಲಿ ವಿದ್ಯಾರ್ಥಿವೇತನಕ್ಕಾಗಿ ಅರ್ಹ ವಿದ್ಯಾರ್ಥಿಗಳಿಂದ ಅರ್ಜಿಗಳನ್ನು ಆಹ್ವಾನಿಸಿದೆ. ಈ ಯೋಜನೆಯು 6ನೇ ತರಗತಿಯಿಂದ 9ನೇ ತರಗತಿಯವರೆಗೆ ಓದುತ್ತಿರುವ ವಿದ್ಯಾರ್ಥಿಗಳಿಗೆ ಅನ್ವಯಿಸುತ್ತದೆ. 2025–26 ರ ಶೈಕ್ಷಣಿಕ ವರ್ಷಕ್ಕೆ ಒಟ್ಟು 60 ವಿದ್ಯಾರ್ಥಿಗಳಿಗೆ ಅಂದರೆ ರೂ.6,000/- ವಿದ್ಯಾರ್ಥಿ ವೇತನವನ್ನು ನೀಡಲಾಗುತ್ತದೆ. ವಿದ್ಯಾರ್ಥಿಗಳ ಆಯ್ಕೆಯ ಅಂಚೆ ಚೀಟಿ ಸಂಗ್ರಹದ ಕುರಿತು ನಡೆಯುವ ಸ್ಪರ್ಧೆ ಮತ್ತು ಯೋಜನಾ ಕಾರ್ಯದ ಆಧಾರದ ಮೇಲೆ ಇರುತ್ತದೆ. ಆಸಕ್ತ ವಿದ್ಯಾರ್ಥಿಗಳು ಹೆಚ್ಚಿನ ಮಾಹಿತಿಗಾಗಿ ಹತ್ತಿರದ ಅಂಚೆ ಕಛೇರಿ ಅಥವಾ ಕೊಪ್ಪಳ ಅಂಚೆ ಕಚೇರಿ, ಕೊಪ್ಪಳ ವಿಭಾಗ ಇವರನ್ನು ಸಂಪರ್ಕಿಸಬಹುದು, ದೂರವಾಣಿ ಸಂಖ್ಯೆ: 9060385616 ಗೆ ಕರೆ ಮಾಡಬಹುದು ಅಥವಾ

www.indiapost.gov.in

ವೆಬ್‌ಸೈಟ್‌ಗೆ ಭೇಟಿ ನೀಡಬಹುದು. ಅಂಚೆ ಚೀಟಿ ಸಂಗ್ರಹದ ಹವ್ಯಾಸದಿಂದ ವಿದ್ಯಾರ್ಥಿಗಳು ಈ ಅವಕಾಶವನ್ನು ಸದುಪಯೋಗಪಡಿಸಿಕೊಂಡು ವಿದ್ಯಾರ್ಥಿವೇತನ ಪಡೆಯುವಲ್ಲಿ ಹೆಚ್ಚಿನ ಸಂಖ್ಯೆಯಲ್ಲಿ ಭಾಗವಹಿಸಬೇಕು ಎಂದು ಕೊಪ್ಪಳ ಅಂಚೆ ವಿಭಾಗದ ಅಂಚೆ ಅಧೀಕ್ಷಕರಾದ ಶಿವಾನಂದ ಬಿ. ರಬಕವಿ ಅವರು ಪ್ರಕಟಣೆಯಲ್ಲಿ ತಿಳಿಸಿದ್ದಾರೆ.
